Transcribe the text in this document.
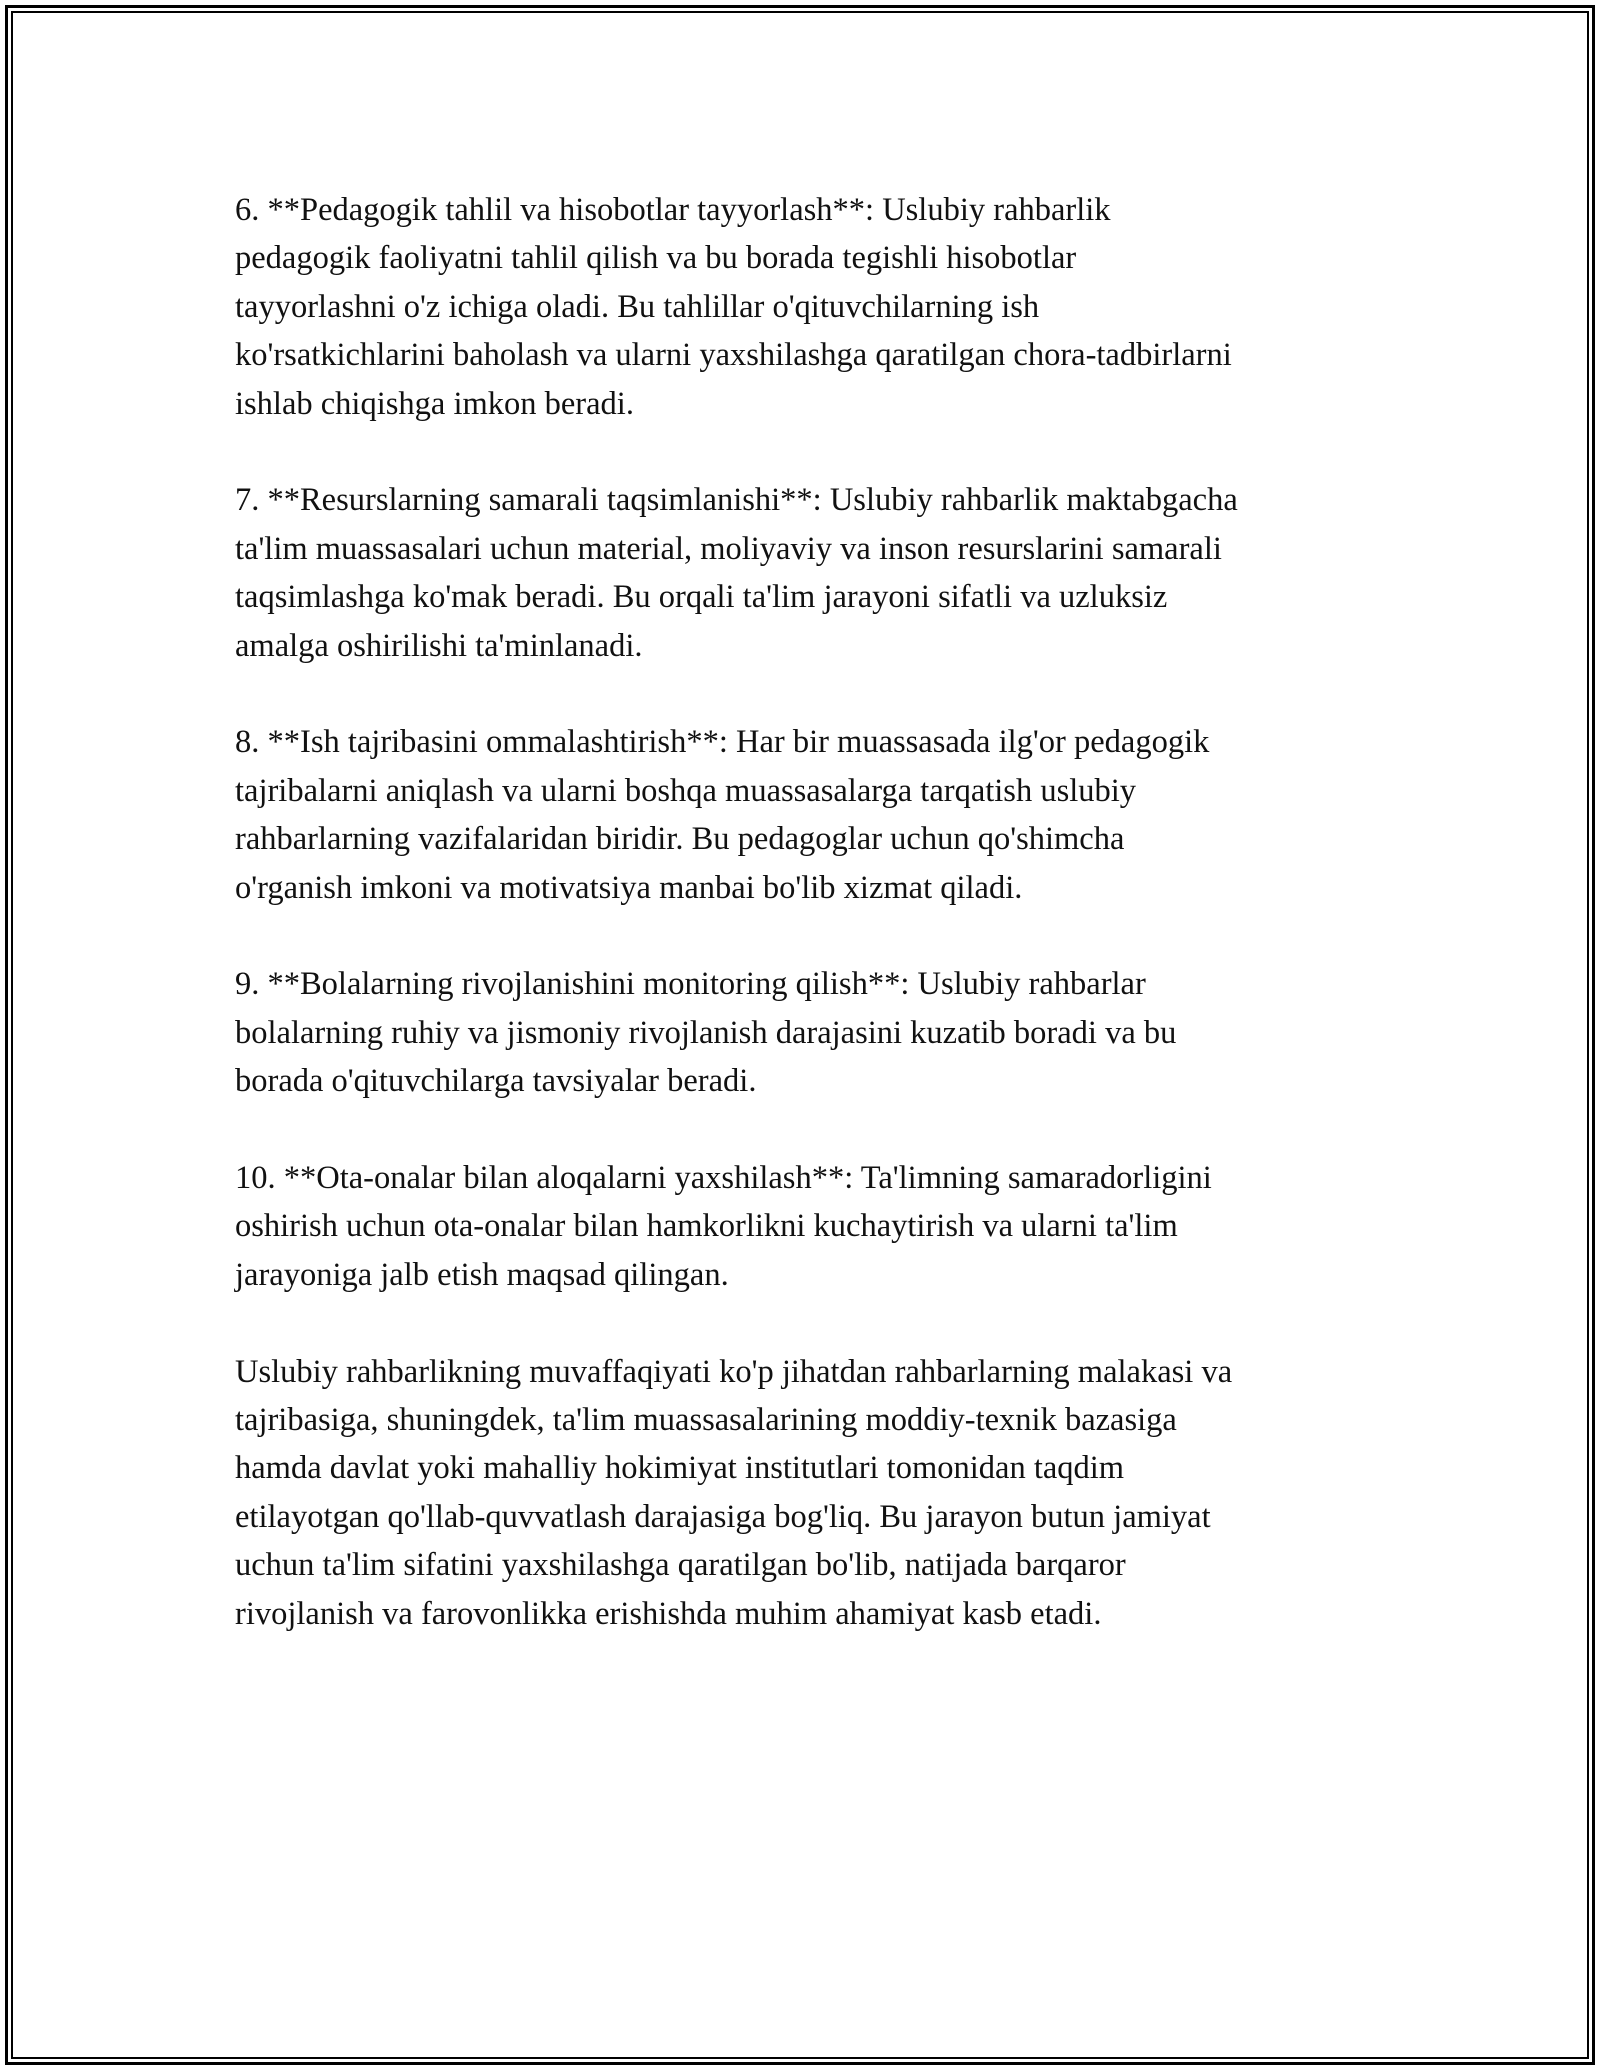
6. **Pedagogik tahlil va hisobotlar tayyorlash**: Uslubiy rahbarlik
pedagogik faoliyatni tahlil qilish va bu borada tegishli hisobotlar
tayyorlashni o'z ichiga oladi. Bu tahlillar o'qituvchilarning ish
ko'rsatkichlarini baholash va ularni yaxshilashga qaratilgan chora-tadbirlarni
ishlab chiqishga imkon beradi.

7. **Resurslarning samarali taqsimlanishi**: Uslubiy rahbarlik maktabgacha
ta'lim muassasalari uchun material, moliyaviy va inson resurslarini samarali
taqsimlashga ko'mak beradi. Bu orqali ta'lim jarayoni sifatli va uzluksiz
amalga oshirilishi ta'minlanadi.

8. **Ish tajribasini ommalashtirish**: Har bir muassasada ilg'or pedagogik
tajribalarni aniqlash va ularni boshqa muassasalarga tarqatish uslubiy
rahbarlarning vazifalaridan biridir. Bu pedagoglar uchun qo'shimcha
o'rganish imkoni va motivatsiya manbai bo'lib xizmat qiladi.

9. **Bolalarning rivojlanishini monitoring qilish**: Uslubiy rahbarlar
bolalarning ruhiy va jismoniy rivojlanish darajasini kuzatib boradi va bu
borada o'qituvchilarga tavsiyalar beradi.

10. **Ota-onalar bilan aloqalarni yaxshilash**: Ta'limning samaradorligini
oshirish uchun ota-onalar bilan hamkorlikni kuchaytirish va ularni ta'lim
jarayoniga jalb etish maqsad qilingan.

Uslubiy rahbarlikning muvaffaqiyati ko'p jihatdan rahbarlarning malakasi va
tajribasiga, shuningdek, ta'lim muassasalarining moddiy-texnik bazasiga
hamda davlat yoki mahalliy hokimiyat institutlari tomonidan taqdim
etilayotgan qo'llab-quvvatlash darajasiga bog'liq. Bu jarayon butun jamiyat
uchun ta'lim sifatini yaxshilashga qaratilgan bo'lib, natijada barqaror
rivojlanish va farovonlikka erishishda muhim ahamiyat kasb etadi.
